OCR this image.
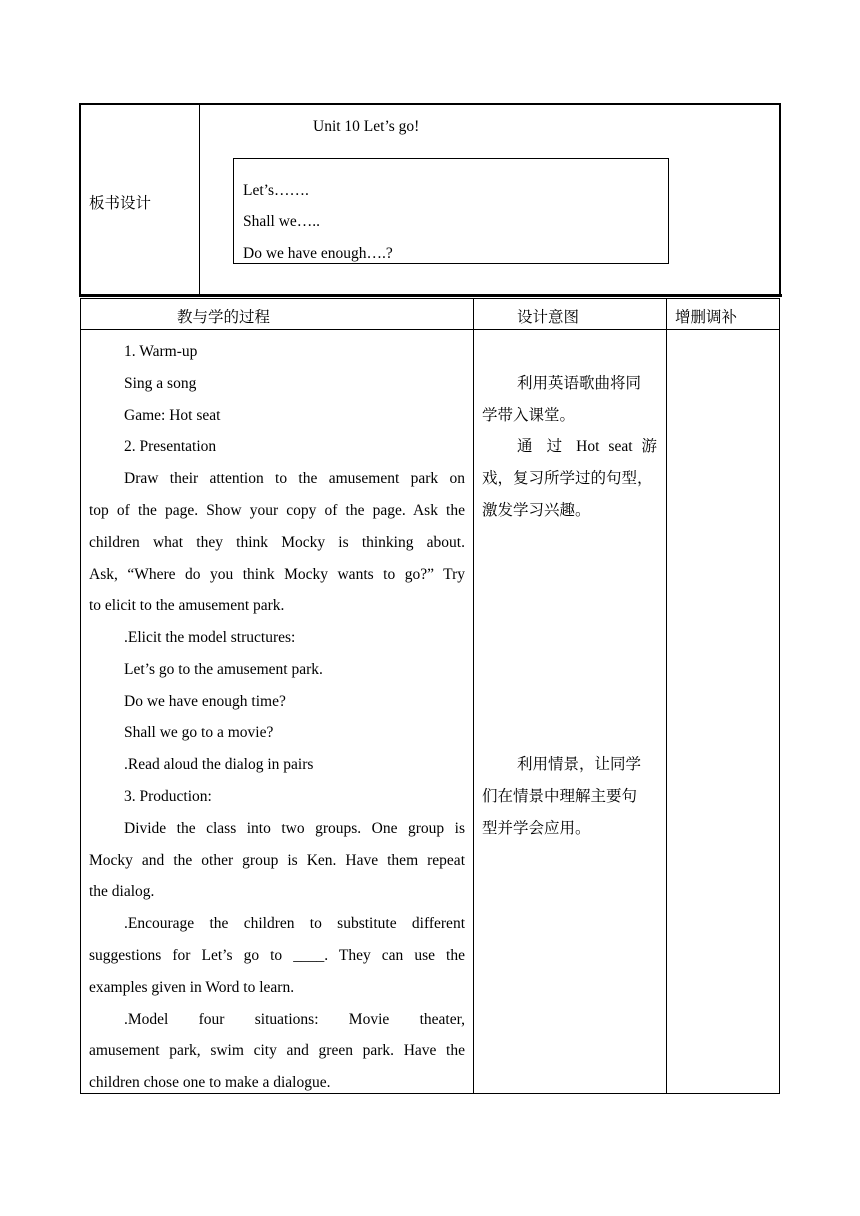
板书设计
Unit 10 Let’s go!
Let’s…….
Shall we…..
Do we have enough….?
教与学的过程	设计意图	增删调补
1. Warm-up
Sing a song
Game: Hot seat
2. Presentation
Draw their attention to the amusement park on
top of the page. Show your copy of the page. Ask the
children what they think Mocky is thinking about.
Ask, “Where do you think Mocky wants to go?” Try
to elicit to the amusement park.
.Elicit the model structures:
Let’s go to the amusement park.
Do we have enough time?
Shall we go to a movie?
.Read aloud the dialog in pairs
3. Production:
Divide the class into two groups. One group is
Mocky and the other group is Ken. Have them repeat
the dialog.
.Encourage the children to substitute different
suggestions for Let’s go to ____. They can use the
examples given in Word to learn.
.Model four situations: Movie theater,
amusement park, swim city and green park. Have the
children chose one to make a dialogue.
利用英语歌曲将同
学带入课堂。
通 过 Hot seat 游
戏，复习所学过的句型，
激发学习兴趣。
利用情景，让同学
们在情景中理解主要句
型并学会应用。
